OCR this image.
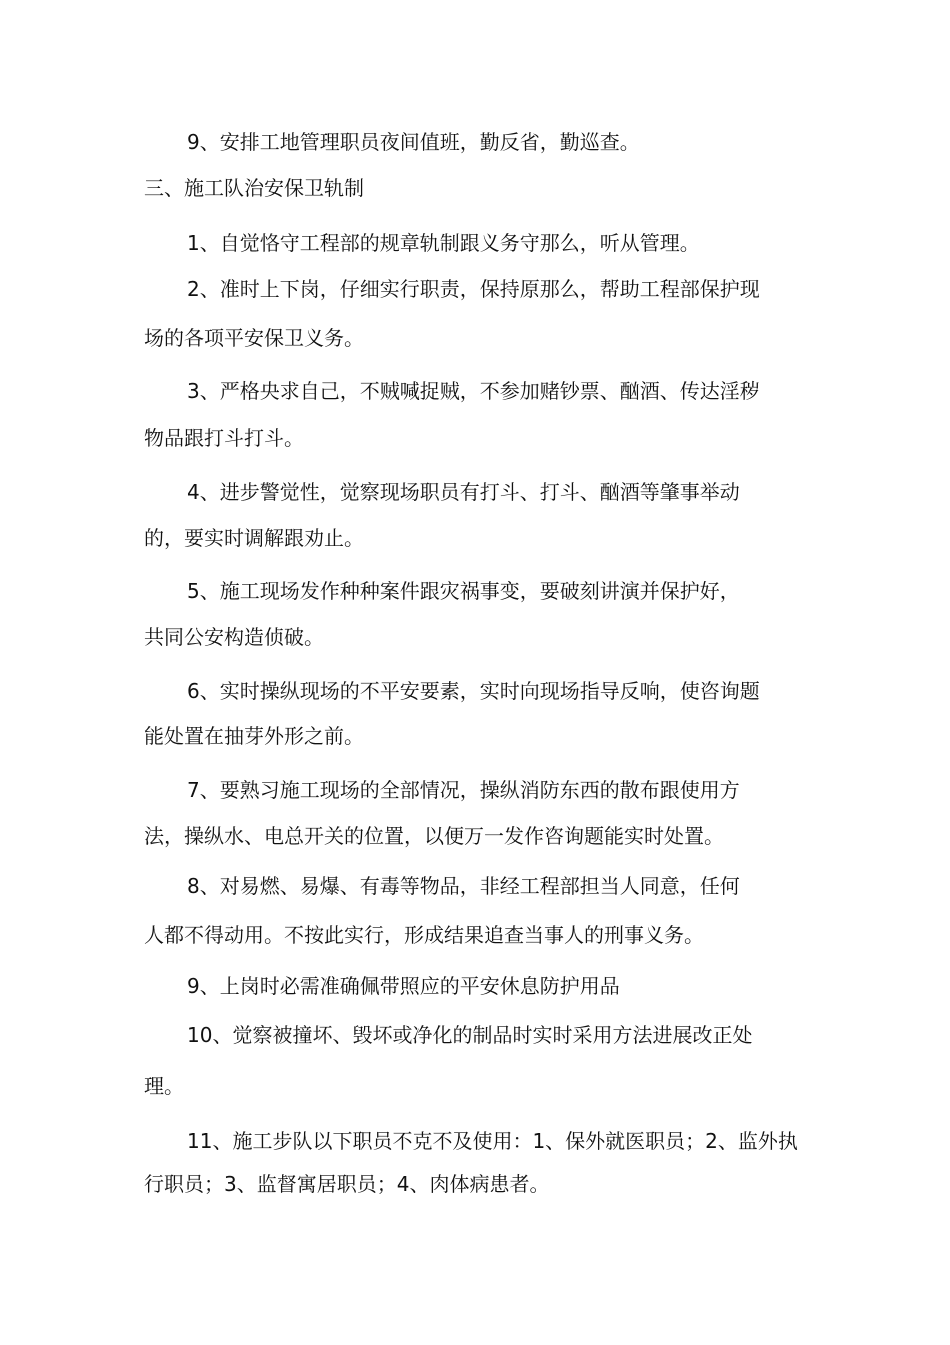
9、安排工地管理职员夜间值班，勤反省，勤巡查。

三、施工队治安保卫轨制

1、自觉恪守工程部的规章轨制跟义务守那么，听从管理。

2、准时上下岗，仔细实行职责，保持原那么，帮助工程部保护现

场的各项平安保卫义务。

3、严格央求自己，不贼喊捉贼，不参加赌钞票、酗酒、传达淫秽

物品跟打斗打斗。

4、进步警觉性，觉察现场职员有打斗、打斗、酗酒等肇事举动

的，要实时调解跟劝止。

5、施工现场发作种种案件跟灾祸事变，要破刻讲演并保护好，

共同公安构造侦破。

6、实时操纵现场的不平安要素，实时向现场指导反响，使咨询题

能处置在抽芽外形之前。

7、要熟习施工现场的全部情况，操纵消防东西的散布跟使用方

法，操纵水、电总开关的位置，以便万一发作咨询题能实时处置。

8、对易燃、易爆、有毒等物品，非经工程部担当人同意，任何

人都不得动用。不按此实行，形成结果追查当事人的刑事义务。

9、上岗时必需准确佩带照应的平安休息防护用品

10、觉察被撞坏、毁坏或净化的制品时实时采用方法进展改正处

理。

11、施工步队以下职员不克不及使用：1、保外就医职员；2、监外执

行职员；3、监督寓居职员；4、肉体病患者。
